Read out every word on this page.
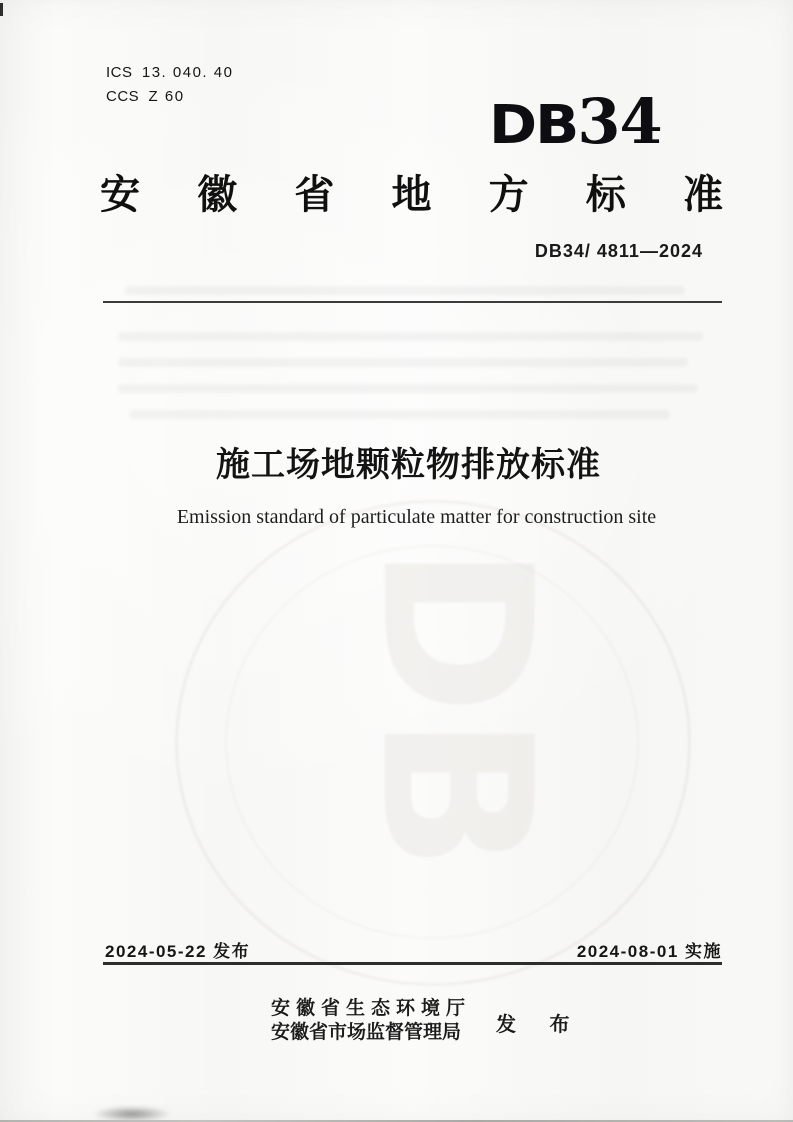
DB
ICS 13. 040. 40
CCS Z 60	DB 34
安徽省地方标准
DB34/ 4811—2024
施工场地颗粒物排放标准
Emission standard of particulate matter for construction site
2024-05-22 发布	2024-08-01 实施
安徽省生态环境厅
安徽省市场监督管理局 发 布
